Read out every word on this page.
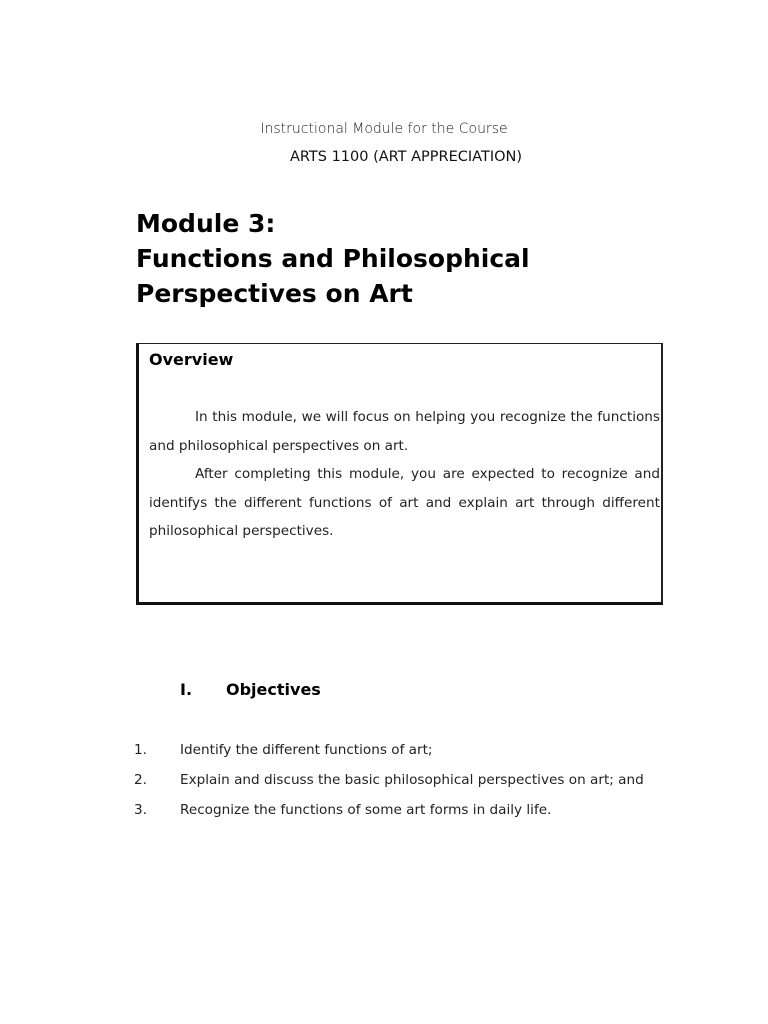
Instructional Module for the Course
ARTS 1100 (ART APPRECIATION)
Module 3:
Functions and Philosophical
Perspectives on Art
Overview

In this module, we will focus on helping you recognize the functions and philosophical perspectives on art.

After completing this module, you are expected to recognize and identifys the different functions of art and explain art through different philosophical perspectives.

I. Objectives
1. Identify the different functions of art;
2. Explain and discuss the basic philosophical perspectives on art; and
3. Recognize the functions of some art forms in daily life.
